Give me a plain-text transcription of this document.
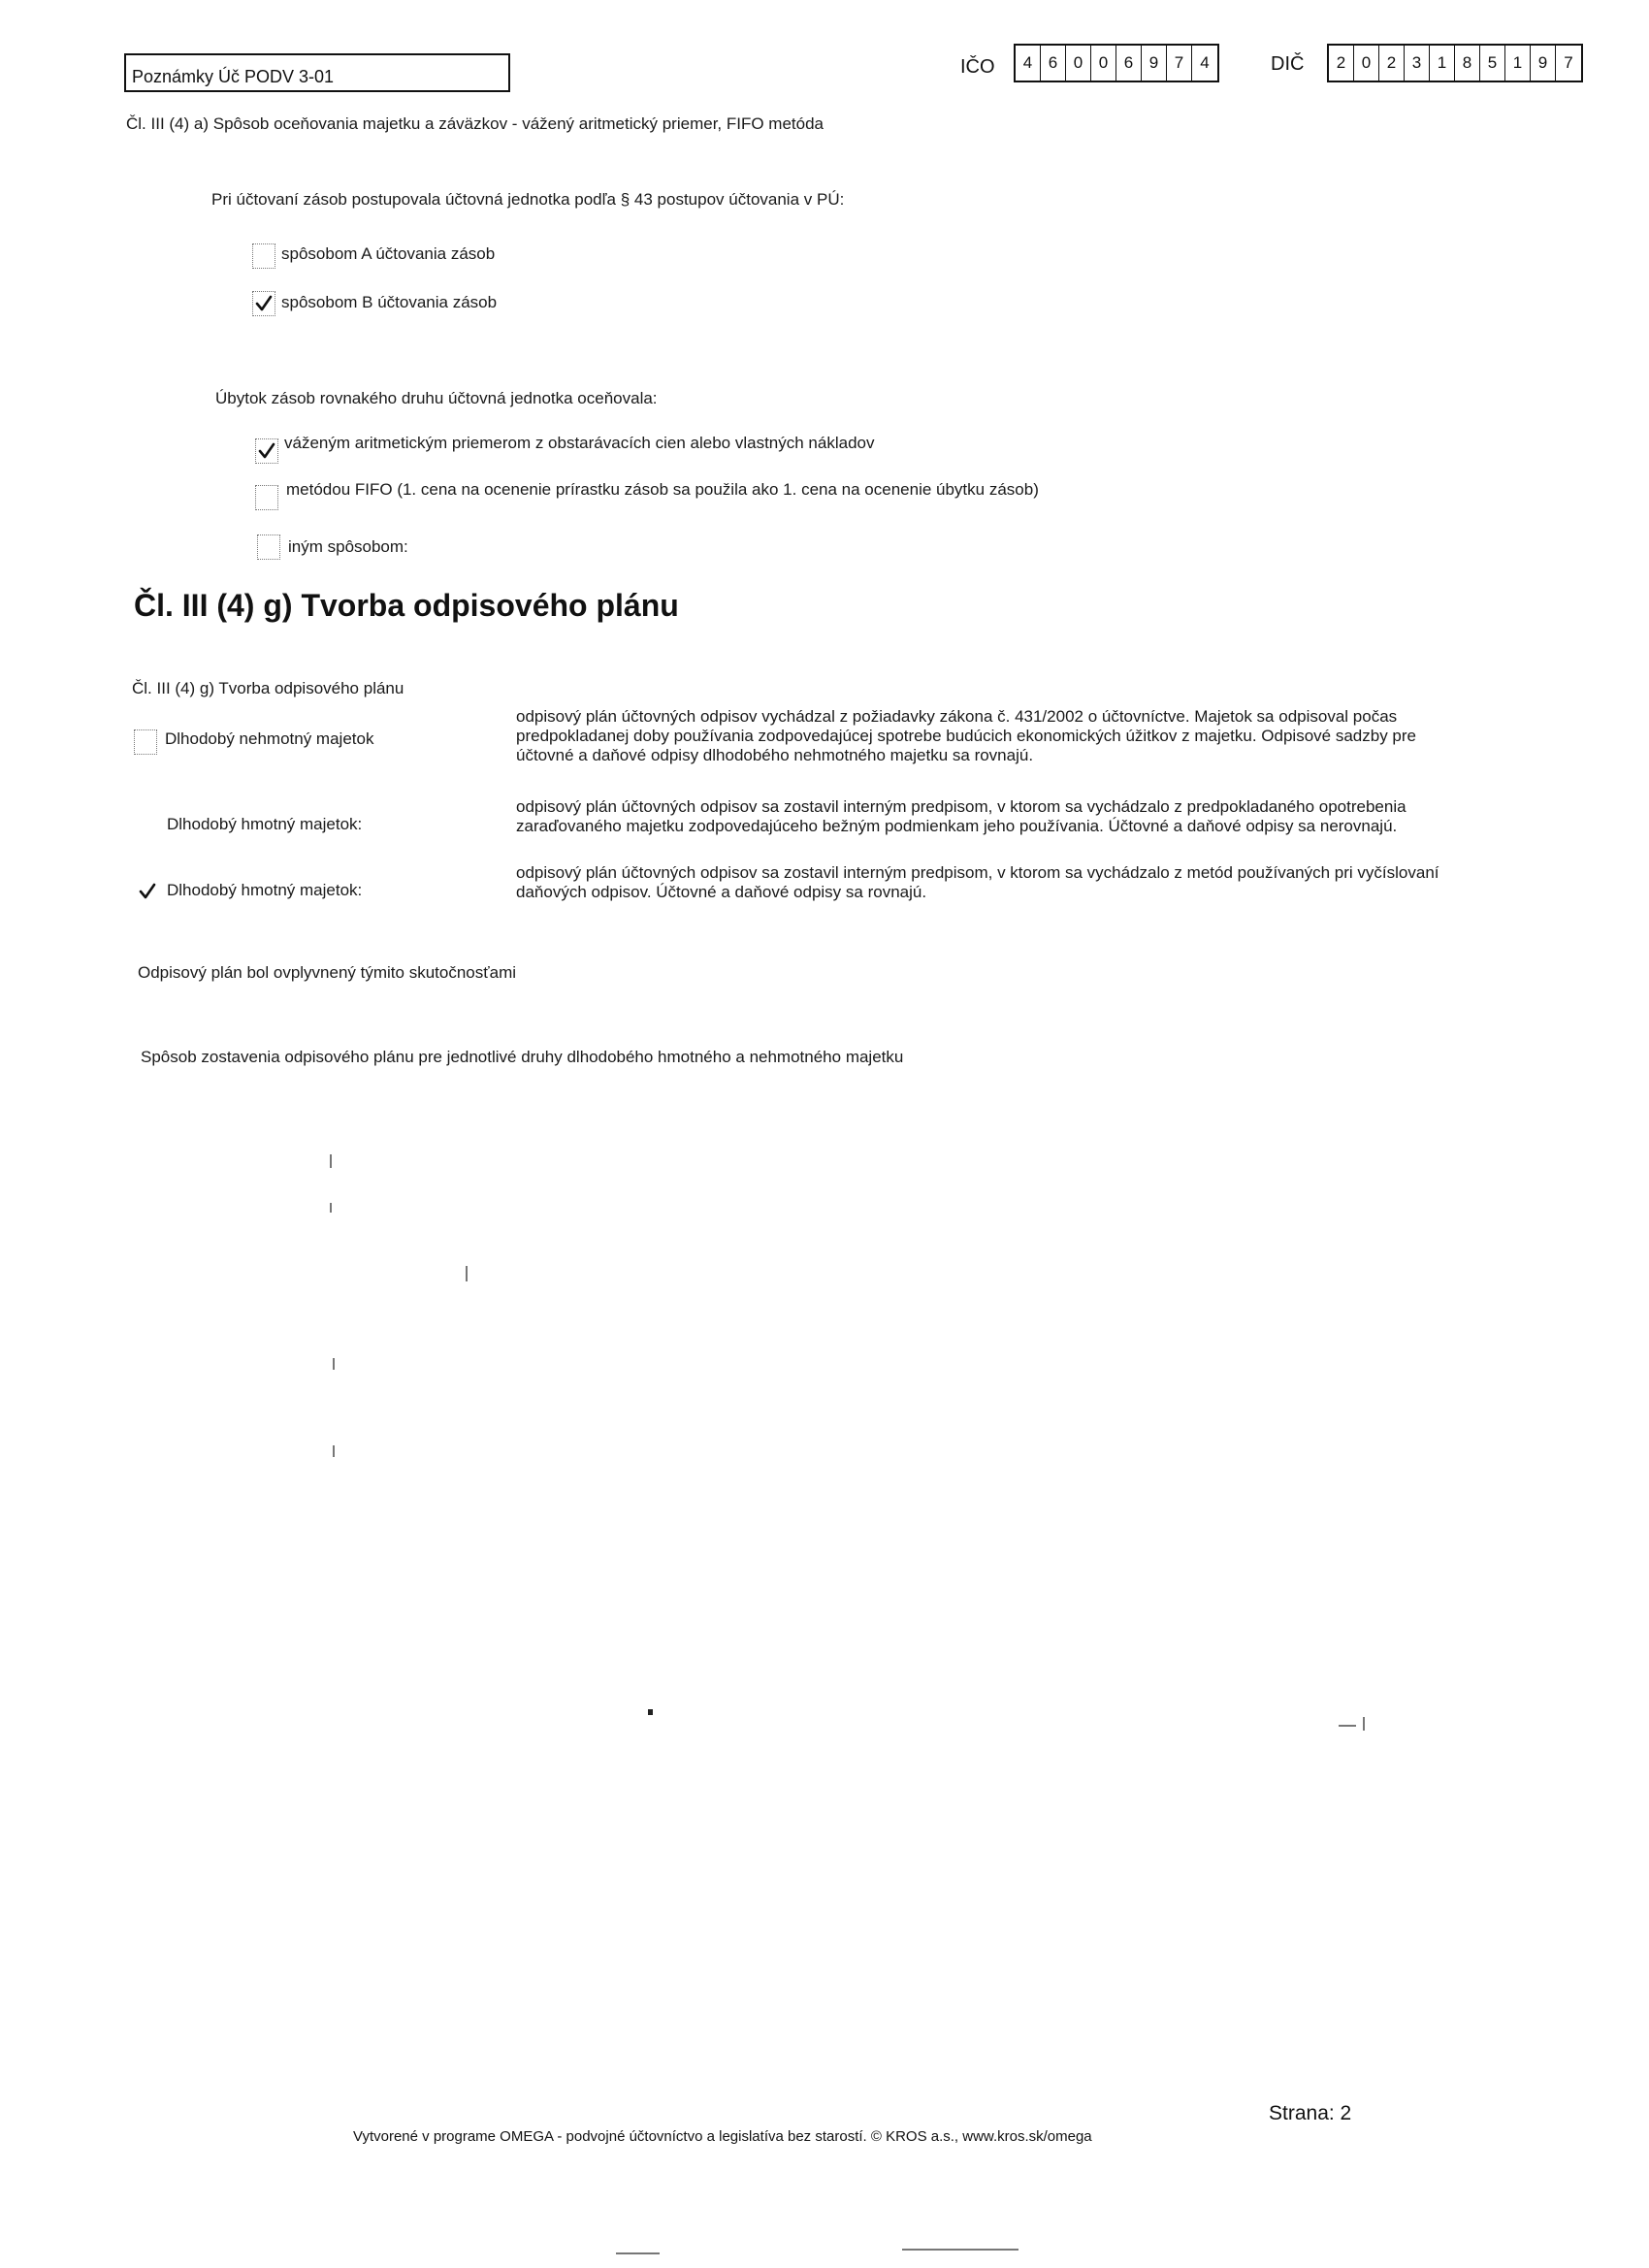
Poznámky Úč PODV 3-01	IČO	4 6 0 0 6 9 7	4	DIČ	2 0 2 3 1 8 5 1 9	7
Čl. III (4) a) Spôsob oceňovania majetku a záväzkov - vážený aritmetický priemer, FIFO metóda
Pri účtovaní zásob postupovala účtovná jednotka podľa § 43 postupov účtovania v PÚ:
spôsobom A účtovania zásob
spôsobom B účtovania zásob
Úbytok zásob rovnakého druhu účtovná jednotka oceňovala:
váženým aritmetickým priemerom z obstarávacích cien alebo vlastných nákladov
metódou FIFO (1. cena na ocenenie prírastku zásob sa použila ako 1. cena na ocenenie úbytku zásob)
iným spôsobom:
Čl. III (4) g) Tvorba odpisového plánu
Čl. III (4) g) Tvorba odpisového plánu
Dlhodobý nehmotný majetok
odpisový plán účtovných odpisov vychádzal z požiadavky zákona č. 431/2002 o účtovníctve. Majetok sa odpisoval počas
predpokladanej doby používania zodpovedajúcej spotrebe budúcich ekonomických úžitkov z majetku. Odpisové sadzby pre
účtovné a daňové odpisy dlhodobého nehmotného majetku sa rovnajú.
Dlhodobý hmotný majetok:
odpisový plán účtovných odpisov sa zostavil interným predpisom, v ktorom sa vychádzalo z predpokladaného opotrebenia
zaraďovaného majetku zodpovedajúceho bežným podmienkam jeho používania. Účtovné a daňové odpisy sa nerovnajú.
Dlhodobý hmotný majetok:
odpisový plán účtovných odpisov sa zostavil interným predpisom, v ktorom sa vychádzalo z metód používaných pri vyčíslovaní
daňových odpisov. Účtovné a daňové odpisy sa rovnajú.
Odpisový plán bol ovplyvnený týmito skutočnosťami
Spôsob zostavenia odpisového plánu pre jednotlivé druhy dlhodobého hmotného a nehmotného majetku
Strana: 2
Vytvorené v programe OMEGA - podvojné účtovníctvo a legislatíva bez starostí. © KROS a.s., www.kros.sk/omega
